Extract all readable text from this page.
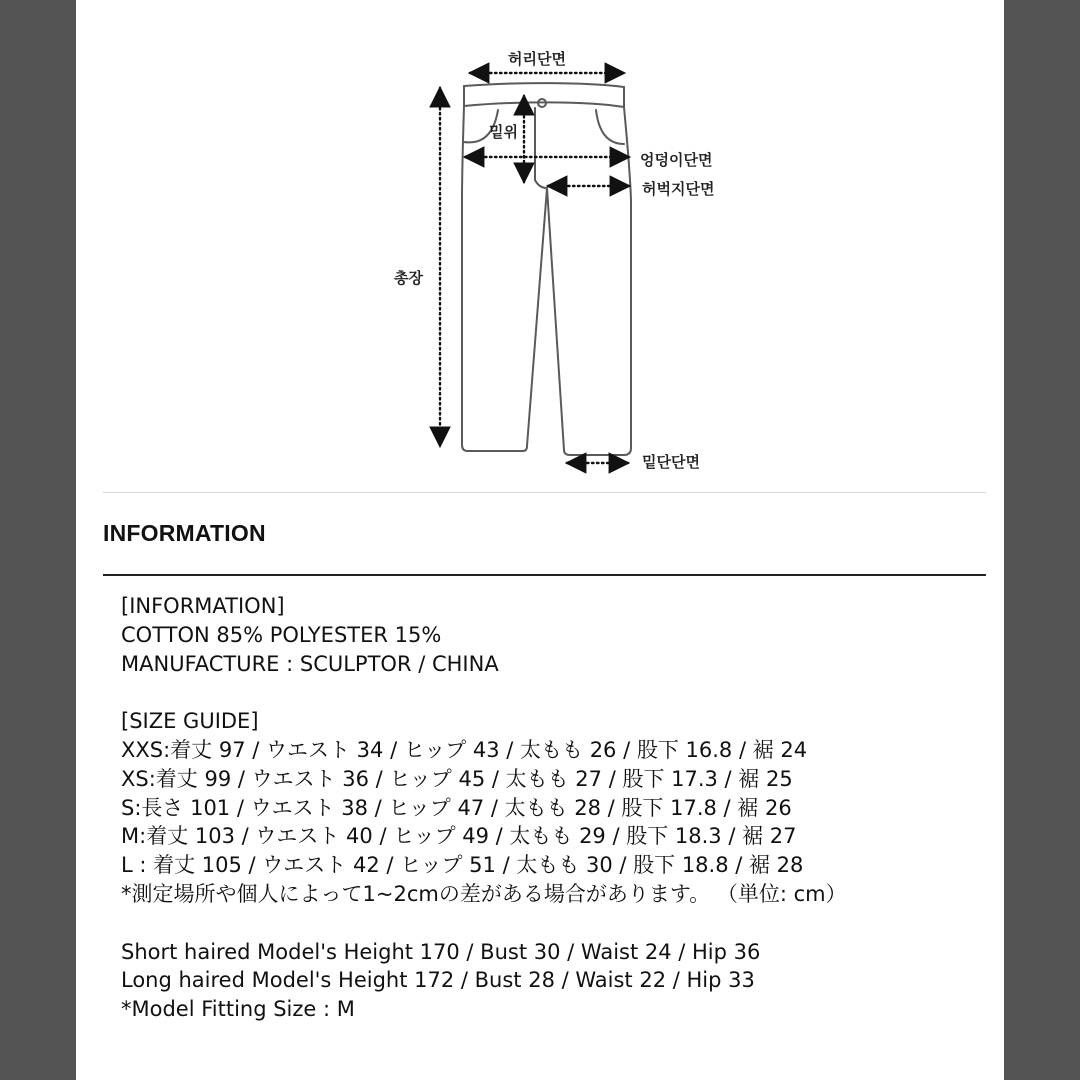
허리단면
밑위
엉덩이단면
허벅지단면
총장
밑단단면
INFORMATION
[INFORMATION]
COTTON 85% POLYESTER 15%
MANUFACTURE : SCULPTOR / CHINA
[SIZE GUIDE]
XXS:着丈 97 / ウエスト 34 / ヒップ 43 / 太もも 26 / 股下 16.8 / 裾 24
XS:着丈 99 / ウエスト 36 / ヒップ 45 / 太もも 27 / 股下 17.3 / 裾 25
S:長さ 101 / ウエスト 38 / ヒップ 47 / 太もも 28 / 股下 17.8 / 裾 26
M:着丈 103 / ウエスト 40 / ヒップ 49 / 太もも 29 / 股下 18.3 / 裾 27
L : 着丈 105 / ウエスト 42 / ヒップ 51 / 太もも 30 / 股下 18.8 / 裾 28
*測定場所や個人によって1~2cmの差がある場合があります。 （単位: cm）
Short haired Model's Height 170 / Bust 30 / Waist 24 / Hip 36
Long haired Model's Height 172 / Bust 28 / Waist 22 / Hip 33
*Model Fitting Size : M
